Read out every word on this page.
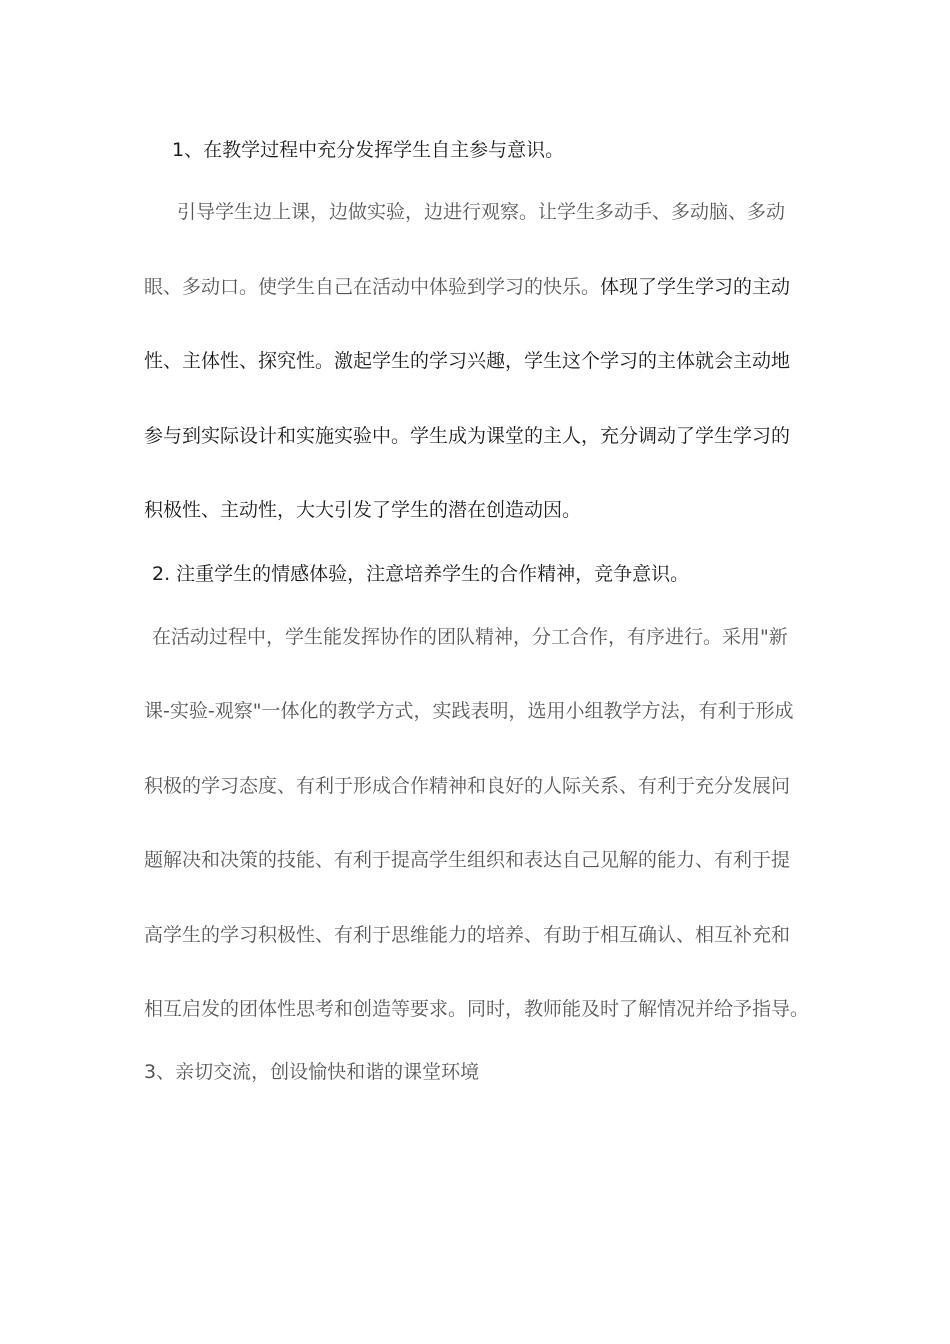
1、在教学过程中充分发挥学生自主参与意识。
引导学生边上课，边做实验，边进行观察。让学生多动手、多动脑、多动
眼、多动口。使学生自己在活动中体验到学习的快乐。体现了学生学习的主动
性、主体性、探究性。激起学生的学习兴趣，学生这个学习的主体就会主动地
参与到实际设计和实施实验中。学生成为课堂的主人，充分调动了学生学习的
积极性、主动性，大大引发了学生的潜在创造动因。
2. 注重学生的情感体验，注意培养学生的合作精神，竞争意识。
在活动过程中，学生能发挥协作的团队精神，分工合作，有序进行。采用"新
课-实验-观察"一体化的教学方式，实践表明，选用小组教学方法，有利于形成
积极的学习态度、有利于形成合作精神和良好的人际关系、有利于充分发展问
题解决和决策的技能、有利于提高学生组织和表达自己见解的能力、有利于提
高学生的学习积极性、有利于思维能力的培养、有助于相互确认、相互补充和
相互启发的团体性思考和创造等要求。同时，教师能及时了解情况并给予指导。
3、亲切交流，创设愉快和谐的课堂环境
